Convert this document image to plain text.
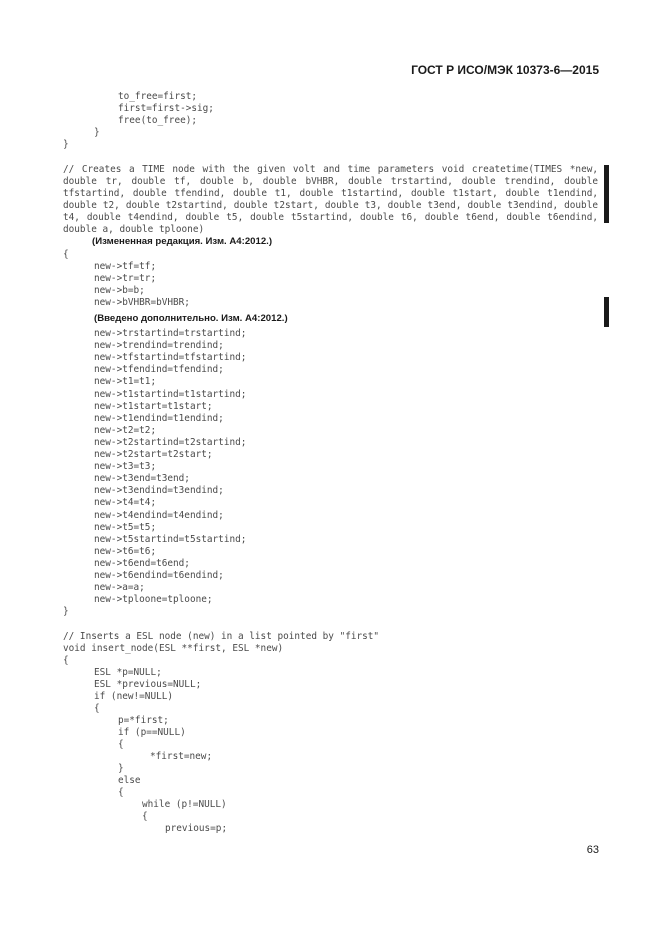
ГОСТ Р ИСО/МЭК 10373-6—2015
to_free=first;
first=first->sig;
free(to_free);
}
}
// Creates a TIME node with the given volt and time parameters void createtime(TIMES *new, double tr, double tf, double b, double bVHBR, double trstartind, double trendind, double tfstartind, double tfendind, double t1, double t1startind, double t1start, double t1endind, double t2, double t2startind, double t2start, double t3, double t3end, double t3endind, double t4, double t4endind, double t5, double t5startind, double t6, double t6end, double t6endind, double a, double tploone)
(Измененная редакция. Изм. А4:2012.)
{
new->tf=tf;
new->tr=tr;
new->b=b;
new->bVHBR=bVHBR;
(Введено дополнительно. Изм. А4:2012.)
new->trstartind=trstartind;
new->trendind=trendind;
new->tfstartind=tfstartind;
new->tfendind=tfendind;
new->t1=t1;
new->t1startind=t1startind;
new->t1start=t1start;
new->t1endind=t1endind;
new->t2=t2;
new->t2startind=t2startind;
new->t2start=t2start;
new->t3=t3;
new->t3end=t3end;
new->t3endind=t3endind;
new->t4=t4;
new->t4endind=t4endind;
new->t5=t5;
new->t5startind=t5startind;
new->t6=t6;
new->t6end=t6end;
new->t6endind=t6endind;
new->a=a;
new->tploone=tploone;
}
// Inserts a ESL node (new) in a list pointed by "first"
void insert_node(ESL **first, ESL *new)
{
ESL *p=NULL;
ESL *previous=NULL;
if (new!=NULL)
{
p=*first;
if (p==NULL)
{
*first=new;
}
else
{
while (p!=NULL)
{
previous=p;
63
